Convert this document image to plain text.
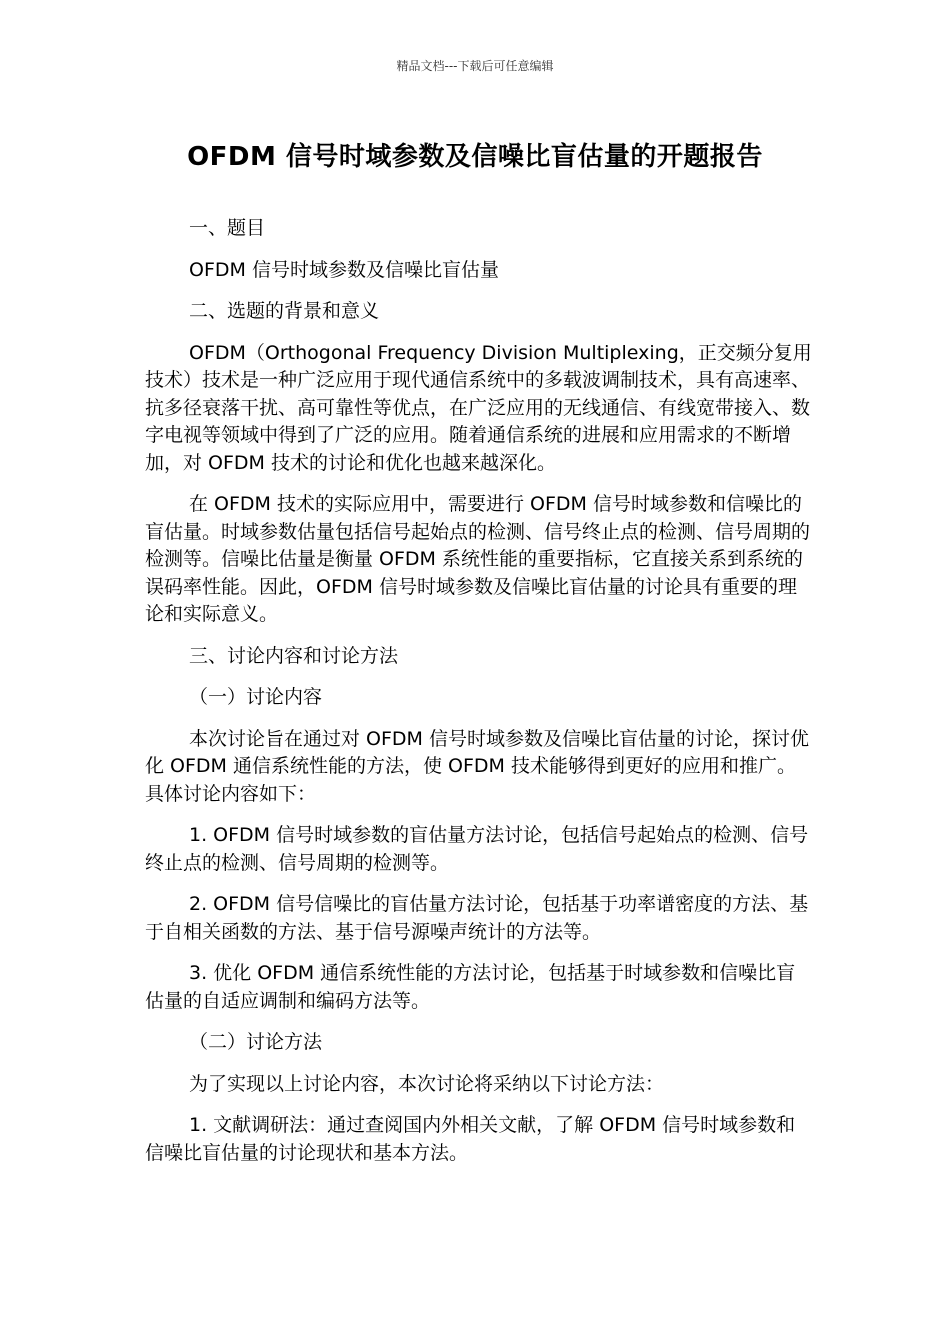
精品文档---下载后可任意编辑
OFDM 信号时域参数及信噪比盲估量的开题报告

一、题目

OFDM 信号时域参数及信噪比盲估量

二、选题的背景和意义

OFDM（Orthogonal Frequency Division Multiplexing，正交频分复用技术）技术是一种广泛应用于现代通信系统中的多载波调制技术，具有高速率、抗多径衰落干扰、高可靠性等优点，在广泛应用的无线通信、有线宽带接入、数字电视等领域中得到了广泛的应用。随着通信系统的进展和应用需求的不断增加，对 OFDM 技术的讨论和优化也越来越深化。

在 OFDM 技术的实际应用中，需要进行 OFDM 信号时域参数和信噪比的盲估量。时域参数估量包括信号起始点的检测、信号终止点的检测、信号周期的检测等。信噪比估量是衡量 OFDM 系统性能的重要指标，它直接关系到系统的误码率性能。因此，OFDM 信号时域参数及信噪比盲估量的讨论具有重要的理论和实际意义。

三、讨论内容和讨论方法

（一）讨论内容

本次讨论旨在通过对 OFDM 信号时域参数及信噪比盲估量的讨论，探讨优化 OFDM 通信系统性能的方法，使 OFDM 技术能够得到更好的应用和推广。具体讨论内容如下：

1. OFDM 信号时域参数的盲估量方法讨论，包括信号起始点的检测、信号终止点的检测、信号周期的检测等。

2. OFDM 信号信噪比的盲估量方法讨论，包括基于功率谱密度的方法、基于自相关函数的方法、基于信号源噪声统计的方法等。

3. 优化 OFDM 通信系统性能的方法讨论，包括基于时域参数和信噪比盲估量的自适应调制和编码方法等。

（二）讨论方法

为了实现以上讨论内容，本次讨论将采纳以下讨论方法：

1. 文献调研法：通过查阅国内外相关文献，了解 OFDM 信号时域参数和信噪比盲估量的讨论现状和基本方法。
